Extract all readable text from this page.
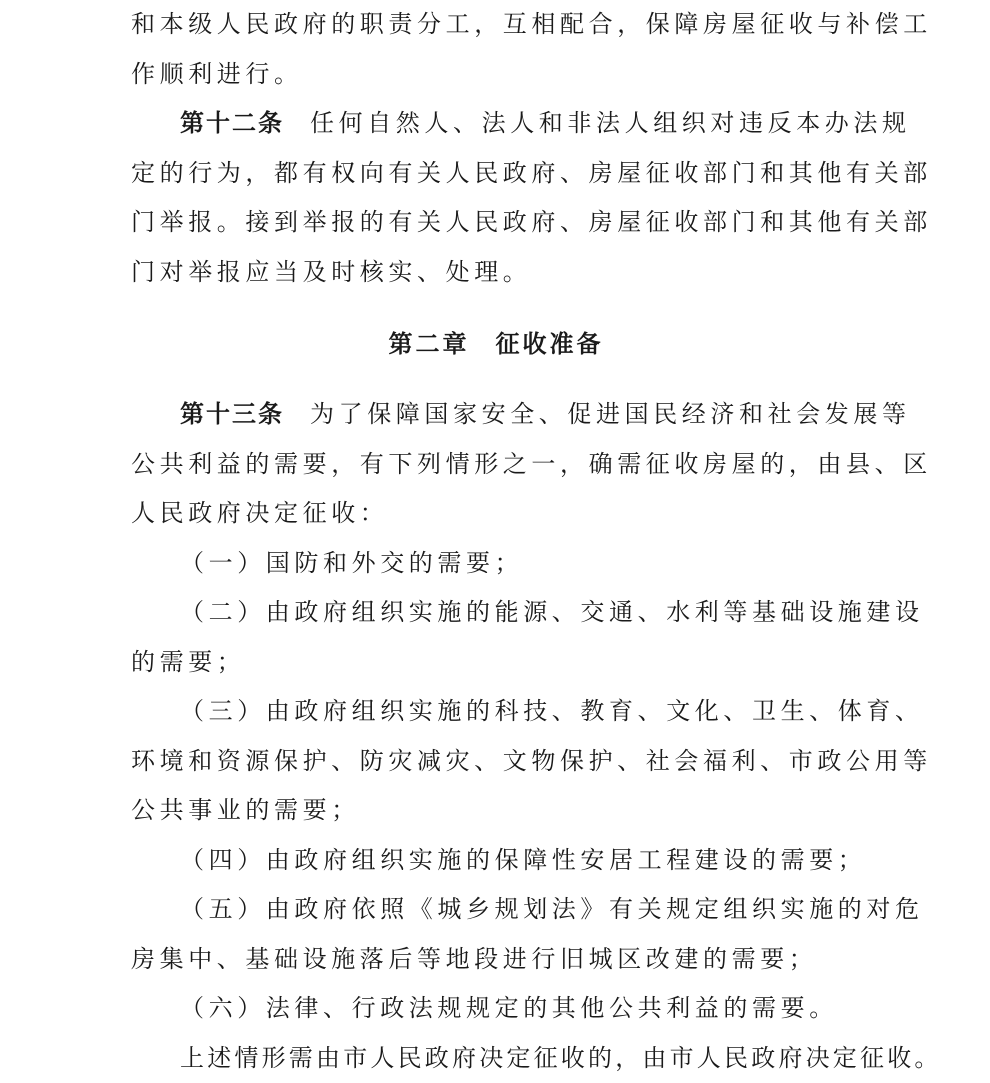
和本级人民政府的职责分工，互相配合，保障房屋征收与补偿工
作顺利进行。
第十二条 任何自然人、法人和非法人组织对违反本办法规
定的行为，都有权向有关人民政府、房屋征收部门和其他有关部
门举报。接到举报的有关人民政府、房屋征收部门和其他有关部
门对举报应当及时核实、处理。
第二章 征收准备
第十三条 为了保障国家安全、促进国民经济和社会发展等
公共利益的需要，有下列情形之一，确需征收房屋的，由县、区
人民政府决定征收：
（一）国防和外交的需要；
（二）由政府组织实施的能源、交通、水利等基础设施建设
的需要；
（三）由政府组织实施的科技、教育、文化、卫生、体育、
环境和资源保护、防灾减灾、文物保护、社会福利、市政公用等
公共事业的需要；
（四）由政府组织实施的保障性安居工程建设的需要；
（五）由政府依照《城乡规划法》有关规定组织实施的对危
房集中、基础设施落后等地段进行旧城区改建的需要；
（六）法律、行政法规规定的其他公共利益的需要。
上述情形需由市人民政府决定征收的，由市人民政府决定征收。
